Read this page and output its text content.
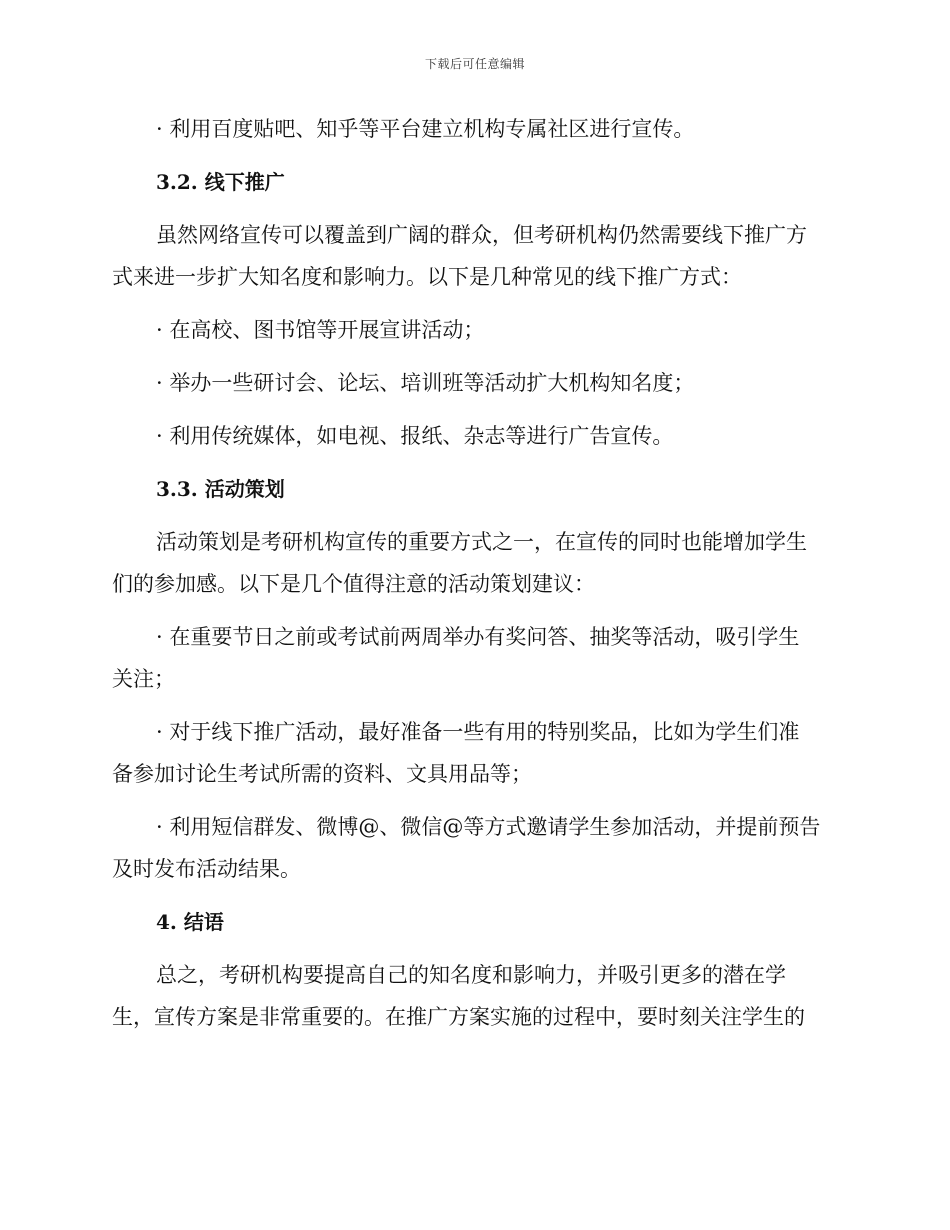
下载后可任意编辑

· 利用百度贴吧、知乎等平台建立机构专属社区进行宣传。

3.2. 线下推广

虽然网络宣传可以覆盖到广阔的群众，但考研机构仍然需要线下推广方

式来进一步扩大知名度和影响力。以下是几种常见的线下推广方式：

· 在高校、图书馆等开展宣讲活动；

· 举办一些研讨会、论坛、培训班等活动扩大机构知名度；

· 利用传统媒体，如电视、报纸、杂志等进行广告宣传。

3.3. 活动策划

活动策划是考研机构宣传的重要方式之一，在宣传的同时也能增加学生

们的参加感。以下是几个值得注意的活动策划建议：

· 在重要节日之前或考试前两周举办有奖问答、抽奖等活动，吸引学生

关注；

· 对于线下推广活动，最好准备一些有用的特别奖品，比如为学生们准

备参加讨论生考试所需的资料、文具用品等；

· 利用短信群发、微博@、微信@等方式邀请学生参加活动，并提前预告

及时发布活动结果。

4. 结语

总之，考研机构要提高自己的知名度和影响力，并吸引更多的潜在学

生，宣传方案是非常重要的。在推广方案实施的过程中，要时刻关注学生的
